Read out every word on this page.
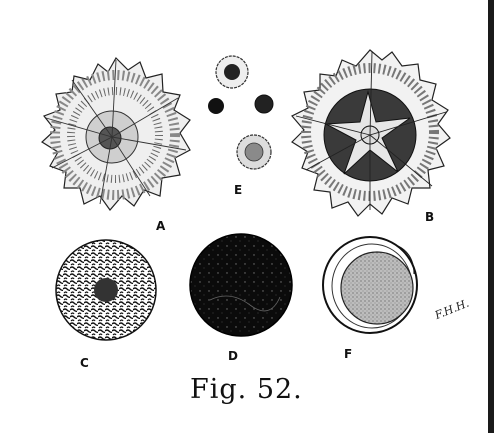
A
B
C	D
E
F
F.H.H.
Fig. 52.
